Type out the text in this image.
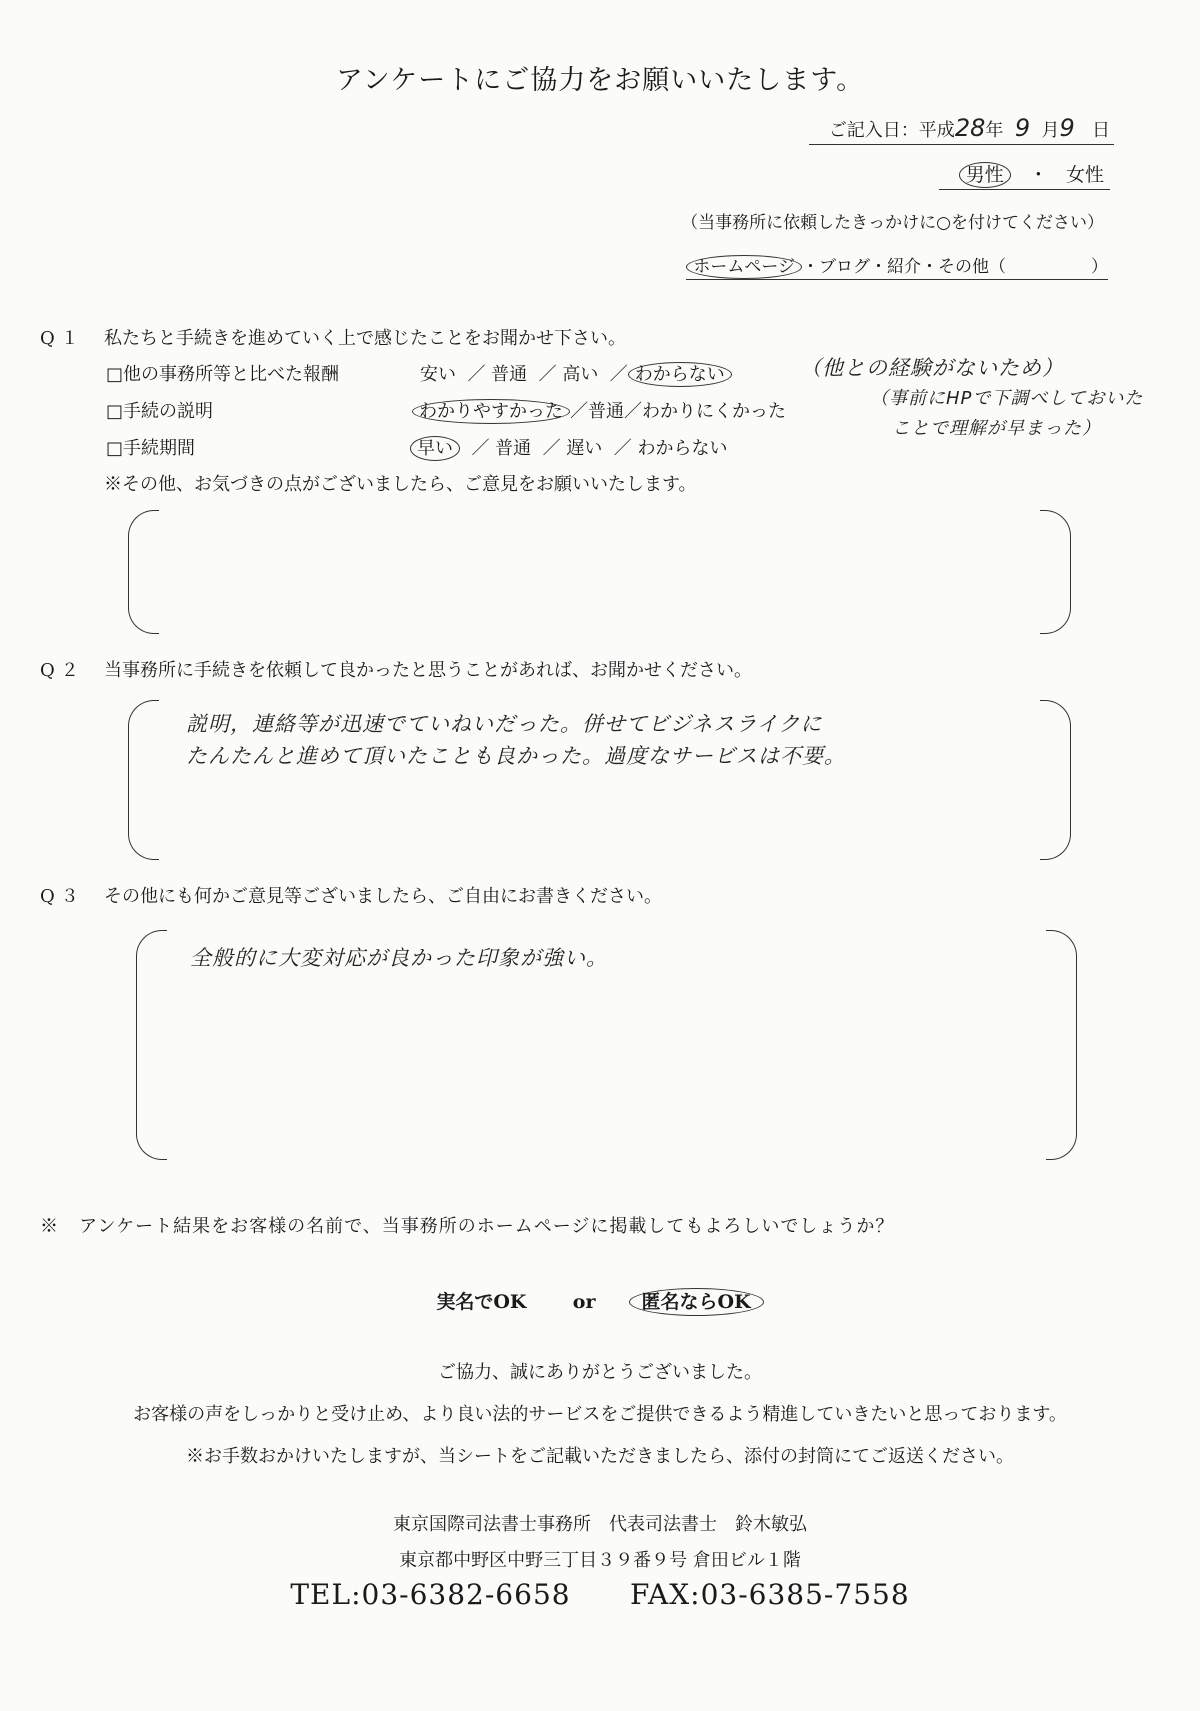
アンケートにご協力をお願いいたします。
ご記入日：平成28年 9 月9 日
男性 ・ 女性
（当事務所に依頼したきっかけに○を付けてください）
ホームページ ・ブログ・紹介・その他（　　　　　）
Q１ 私たちと手続きを進めていく上で感じたことをお聞かせ下さい。
□他の事務所等と比べた報酬	安い  ／ 普通  ／ 高い  ／ わからない	（他との経験がないため）
□手続の説明	わかりやすかった ／普通／わかりにくかった
（事前にHPで下調べしておいた
ことで理解が早まった）
□手続期間	早い  ／ 普通  ／ 遅い  ／ わからない
※その他、お気づきの点がございましたら、ご意見をお願いいたします。
Q２ 当事務所に手続きを依頼して良かったと思うことがあれば、お聞かせください。
説明，連絡等が迅速でていねいだった。併せてビジネスライクに
たんたんと進めて頂いたことも良かった。過度なサービスは不要。
Q３ その他にも何かご意見等ございましたら、ご自由にお書きください。
全般的に大変対応が良かった印象が強い。
※ アンケート結果をお客様の名前で、当事務所のホームページに掲載してもよろしいでしょうか？
実名でOK or 匿名ならOK
ご協力、誠にありがとうございました。
お客様の声をしっかりと受け止め、より良い法的サービスをご提供できるよう精進していきたいと思っております。
※お手数おかけいたしますが、当シートをご記載いただきましたら、添付の封筒にてご返送ください。
東京国際司法書士事務所　代表司法書士　鈴木敏弘
東京都中野区中野三丁目３９番９号 倉田ビル１階
TEL:03-6382-6658 FAX:03-6385-7558
